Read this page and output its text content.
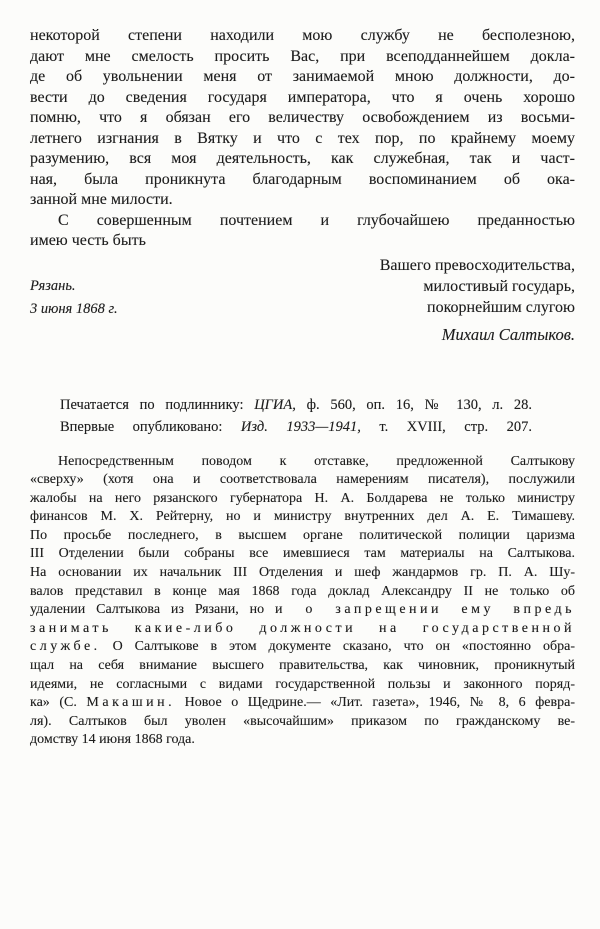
некоторой степени находили мою службу не бесполезною,
дают мне смелость просить Вас, при всеподданнейшем докла-
де об увольнении меня от занимаемой мною должности, до-
вести до сведения государя императора, что я очень хорошо
помню, что я обязан его величеству освобождением из восьми-
летнего изгнания в Вятку и что с тех пор, по крайнему моему
разумению, вся моя деятельность, как служебная, так и част-
ная, была проникнута благодарным воспоминанием об ока-
занной мне милости.
С совершенным почтением и глубочайшею преданностью
имею честь быть
Рязань.
3 июня 1868 г.
Вашего превосходительства,
милостивый государь,
покорнейшим слугою
Михаил Салтыков.
Печатается по подлиннику: ЦГИА, ф. 560, оп. 16, № 130, л. 28.
Впервые опубликовано: Изд. 1933—1941, т. XVIII, стр. 207.
Непосредственным поводом к отставке, предложенной Салтыкову
«сверху» (хотя она и соответствовала намерениям писателя), послужили
жалобы на него рязанского губернатора Н. А. Болдарева не только министру
финансов М. Х. Рейтерну, но и министру внутренних дел А. Е. Тимашеву.
По просьбе последнего, в высшем органе политической полиции царизма
III Отделении были собраны все имевшиеся там материалы на Салтыкова.
На основании их начальник III Отделения и шеф жандармов гр. П. А. Шу-
валов представил в конце мая 1868 года доклад Александру II не только об
удалении Салтыкова из Рязани, но и о запрещении ему впредь
занимать какие-либо должности на государственной
службе. О Салтыкове в этом документе сказано, что он «постоянно обра-
щал на себя внимание высшего правительства, как чиновник, проникнутый
идеями, не согласными с видами государственной пользы и законного поряд-
ка» (С. Макашин. Новое о Щедрине.— «Лит. газета», 1946, № 8, 6 февра-
ля). Салтыков был уволен «высочайшим» приказом по гражданскому ве-
домству 14 июня 1868 года.
